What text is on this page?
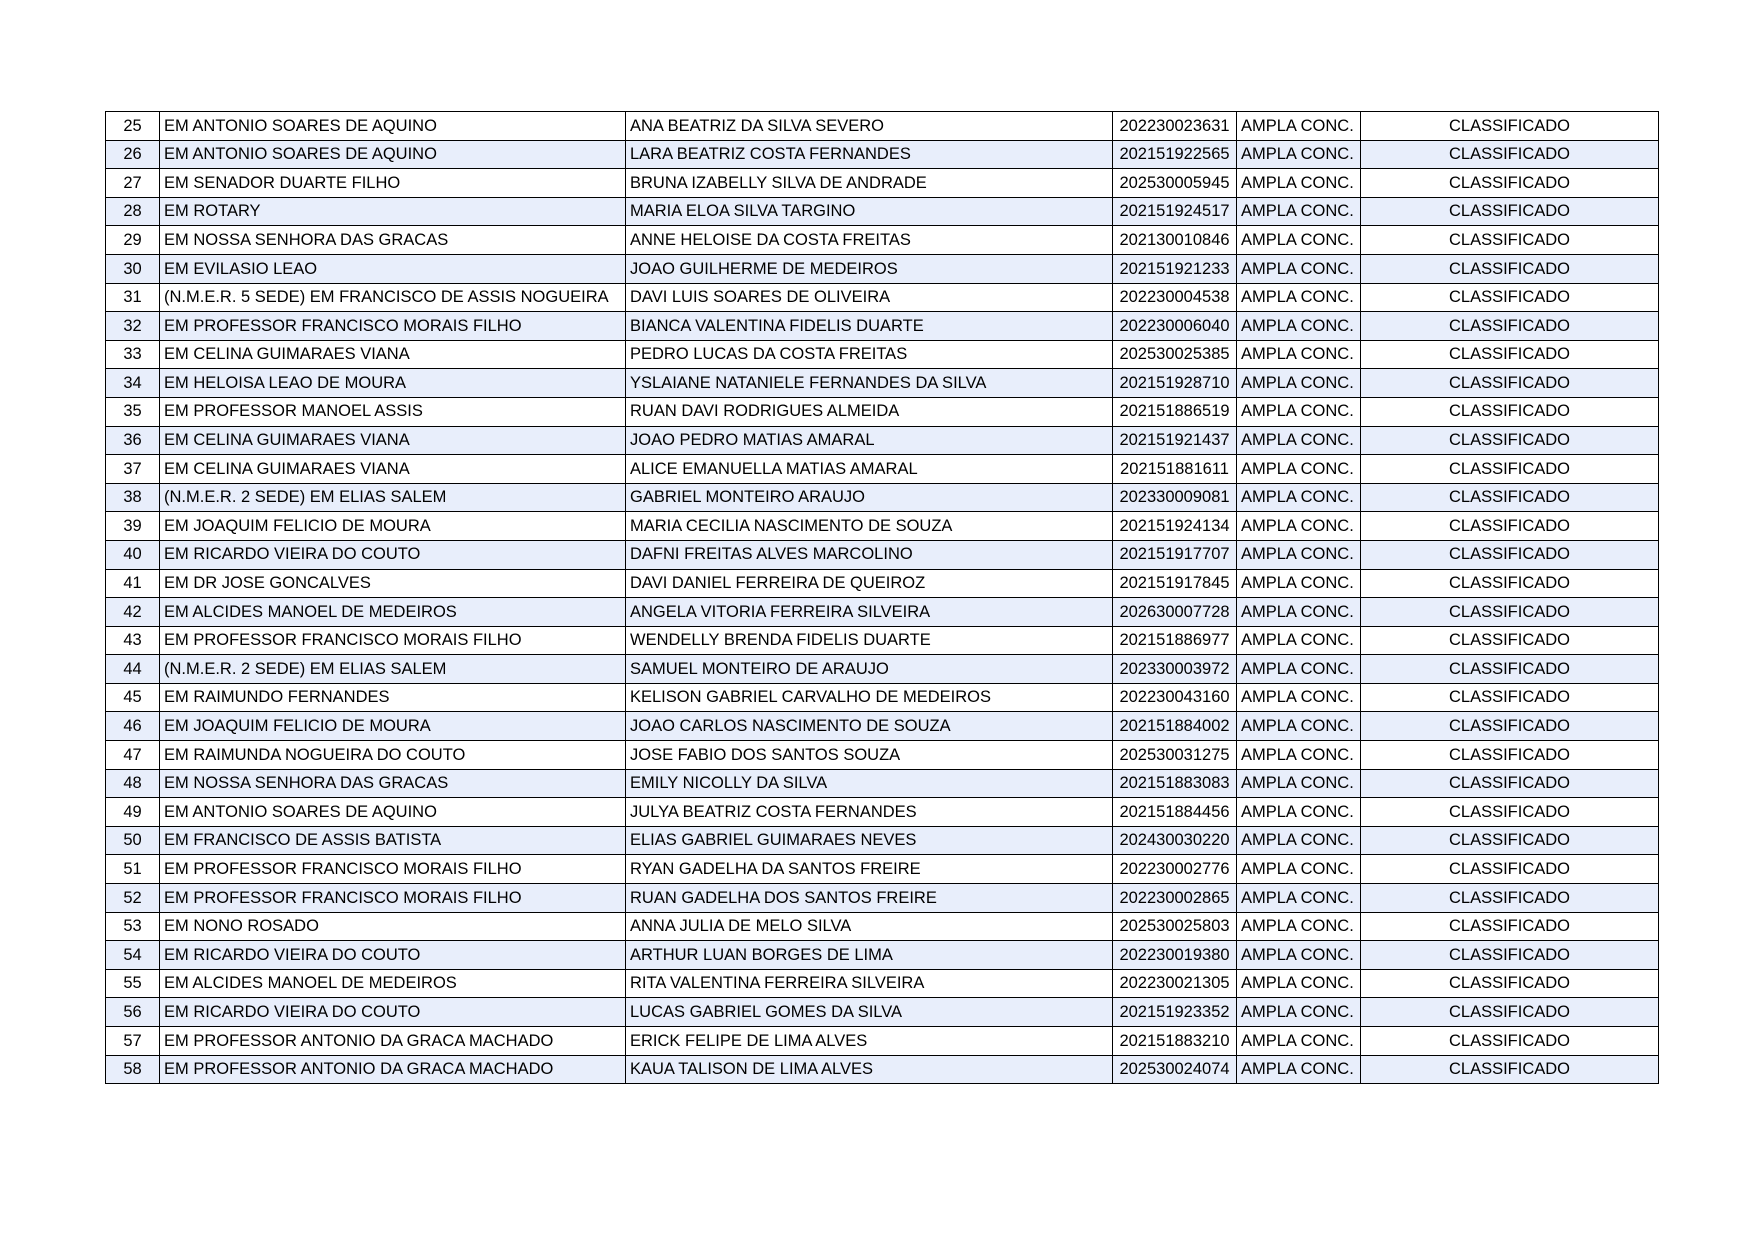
25	EM ANTONIO SOARES DE AQUINO	ANA BEATRIZ DA SILVA SEVERO	202230023631	AMPLA CONC.	CLASSIFICADO
26	EM ANTONIO SOARES DE AQUINO	LARA BEATRIZ COSTA FERNANDES	202151922565	AMPLA CONC.	CLASSIFICADO
27	EM SENADOR DUARTE FILHO	BRUNA IZABELLY SILVA DE ANDRADE	202530005945	AMPLA CONC.	CLASSIFICADO
28	EM ROTARY	MARIA ELOA SILVA TARGINO	202151924517	AMPLA CONC.	CLASSIFICADO
29	EM NOSSA SENHORA DAS GRACAS	ANNE HELOISE DA COSTA FREITAS	202130010846	AMPLA CONC.	CLASSIFICADO
30	EM EVILASIO LEAO	JOAO GUILHERME DE MEDEIROS	202151921233	AMPLA CONC.	CLASSIFICADO
31	(N.M.E.R. 5 SEDE) EM FRANCISCO DE ASSIS NOGUEIRA	DAVI LUIS SOARES DE OLIVEIRA	202230004538	AMPLA CONC.	CLASSIFICADO
32	EM PROFESSOR FRANCISCO MORAIS FILHO	BIANCA VALENTINA FIDELIS DUARTE	202230006040	AMPLA CONC.	CLASSIFICADO
33	EM CELINA GUIMARAES VIANA	PEDRO LUCAS DA COSTA FREITAS	202530025385	AMPLA CONC.	CLASSIFICADO
34	EM HELOISA LEAO DE MOURA	YSLAIANE NATANIELE FERNANDES DA SILVA	202151928710	AMPLA CONC.	CLASSIFICADO
35	EM PROFESSOR MANOEL ASSIS	RUAN DAVI RODRIGUES ALMEIDA	202151886519	AMPLA CONC.	CLASSIFICADO
36	EM CELINA GUIMARAES VIANA	JOAO PEDRO MATIAS AMARAL	202151921437	AMPLA CONC.	CLASSIFICADO
37	EM CELINA GUIMARAES VIANA	ALICE EMANUELLA MATIAS AMARAL	202151881611	AMPLA CONC.	CLASSIFICADO
38	(N.M.E.R. 2 SEDE) EM ELIAS SALEM	GABRIEL MONTEIRO ARAUJO	202330009081	AMPLA CONC.	CLASSIFICADO
39	EM JOAQUIM FELICIO DE MOURA	MARIA CECILIA NASCIMENTO DE SOUZA	202151924134	AMPLA CONC.	CLASSIFICADO
40	EM RICARDO VIEIRA DO COUTO	DAFNI FREITAS ALVES MARCOLINO	202151917707	AMPLA CONC.	CLASSIFICADO
41	EM DR JOSE GONCALVES	DAVI DANIEL FERREIRA DE QUEIROZ	202151917845	AMPLA CONC.	CLASSIFICADO
42	EM ALCIDES MANOEL DE MEDEIROS	ANGELA VITORIA FERREIRA SILVEIRA	202630007728	AMPLA CONC.	CLASSIFICADO
43	EM PROFESSOR FRANCISCO MORAIS FILHO	WENDELLY BRENDA FIDELIS DUARTE	202151886977	AMPLA CONC.	CLASSIFICADO
44	(N.M.E.R. 2 SEDE) EM ELIAS SALEM	SAMUEL MONTEIRO DE ARAUJO	202330003972	AMPLA CONC.	CLASSIFICADO
45	EM RAIMUNDO FERNANDES	KELISON GABRIEL CARVALHO DE MEDEIROS	202230043160	AMPLA CONC.	CLASSIFICADO
46	EM JOAQUIM FELICIO DE MOURA	JOAO CARLOS NASCIMENTO DE SOUZA	202151884002	AMPLA CONC.	CLASSIFICADO
47	EM RAIMUNDA NOGUEIRA DO COUTO	JOSE FABIO DOS SANTOS SOUZA	202530031275	AMPLA CONC.	CLASSIFICADO
48	EM NOSSA SENHORA DAS GRACAS	EMILY NICOLLY DA SILVA	202151883083	AMPLA CONC.	CLASSIFICADO
49	EM ANTONIO SOARES DE AQUINO	JULYA BEATRIZ COSTA FERNANDES	202151884456	AMPLA CONC.	CLASSIFICADO
50	EM FRANCISCO DE ASSIS BATISTA	ELIAS GABRIEL GUIMARAES NEVES	202430030220	AMPLA CONC.	CLASSIFICADO
51	EM PROFESSOR FRANCISCO MORAIS FILHO	RYAN GADELHA DA SANTOS FREIRE	202230002776	AMPLA CONC.	CLASSIFICADO
52	EM PROFESSOR FRANCISCO MORAIS FILHO	RUAN GADELHA DOS SANTOS FREIRE	202230002865	AMPLA CONC.	CLASSIFICADO
53	EM NONO ROSADO	ANNA JULIA DE MELO SILVA	202530025803	AMPLA CONC.	CLASSIFICADO
54	EM RICARDO VIEIRA DO COUTO	ARTHUR LUAN BORGES DE LIMA	202230019380	AMPLA CONC.	CLASSIFICADO
55	EM ALCIDES MANOEL DE MEDEIROS	RITA VALENTINA FERREIRA SILVEIRA	202230021305	AMPLA CONC.	CLASSIFICADO
56	EM RICARDO VIEIRA DO COUTO	LUCAS GABRIEL GOMES DA SILVA	202151923352	AMPLA CONC.	CLASSIFICADO
57	EM PROFESSOR ANTONIO DA GRACA MACHADO	ERICK FELIPE DE LIMA ALVES	202151883210	AMPLA CONC.	CLASSIFICADO
58	EM PROFESSOR ANTONIO DA GRACA MACHADO	KAUA TALISON DE LIMA ALVES	202530024074	AMPLA CONC.	CLASSIFICADO
